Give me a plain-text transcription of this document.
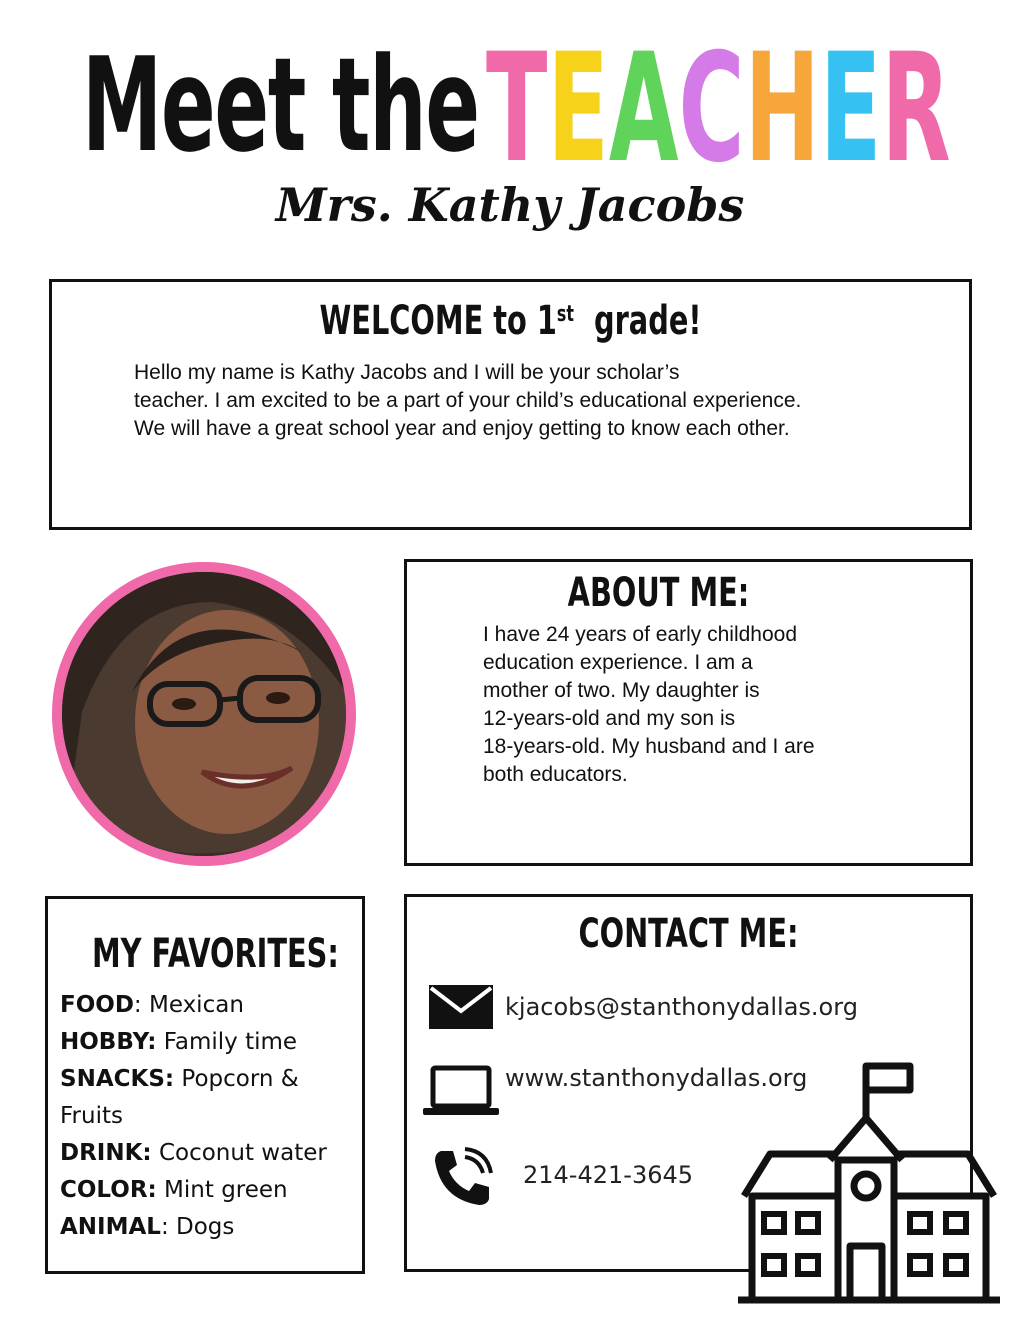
Meet the TEACHER
Mrs. Kathy Jacobs
WELCOME to 1st grade!
Hello my name is Kathy Jacobs and I will be your scholar’s
teacher. I am excited to be a part of your child’s educational experience.
We will have a great school year and enjoy getting to know each other.
ABOUT ME:
I have 24 years of early childhood
education experience. I am a
mother of two. My daughter is
12-years-old and my son is
18-years-old. My husband and I are
both educators.
MY FAVORITES:
FOOD: Mexican
HOBBY: Family time
SNACKS: Popcorn &
Fruits
DRINK: Coconut water
COLOR: Mint green
ANIMAL: Dogs
CONTACT ME:
kjacobs@stanthonydallas.org
www.stanthonydallas.org
214-421-3645
